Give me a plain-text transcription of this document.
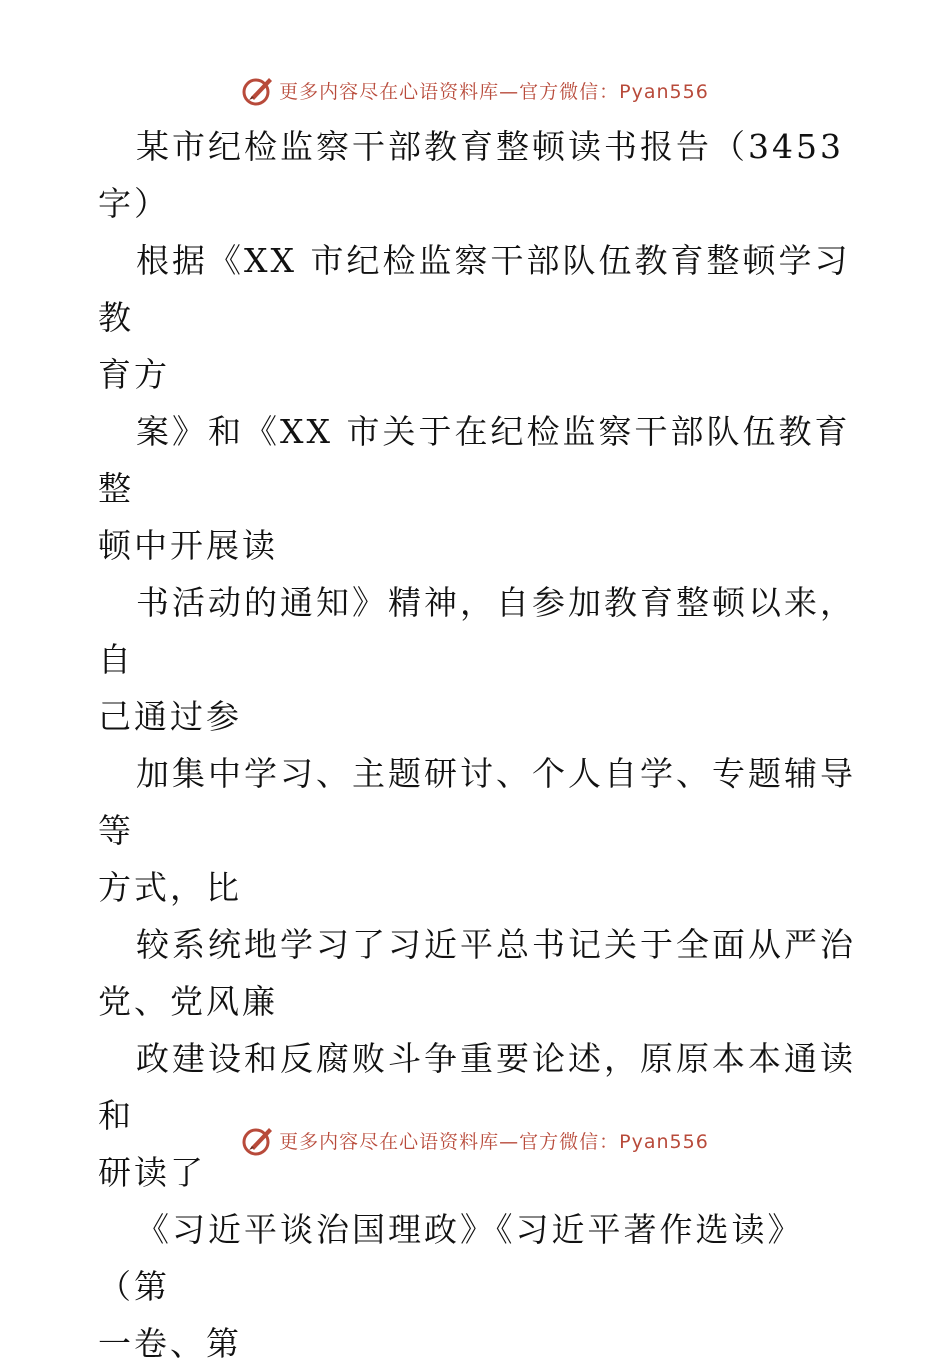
更多内容尽在心语资料库—官方微信：Pyan556

某市纪检监察干部教育整顿读书报告（3453
字）

根据《XX 市纪检监察干部队伍教育整顿学习教
育方

案》和《XX 市关于在纪检监察干部队伍教育整
顿中开展读

书活动的通知》精神，自参加教育整顿以来，自
己通过参

加集中学习、主题研讨、个人自学、专题辅导等
方式，比

较系统地学习了习近平总书记关于全面从严治
党、党风廉

政建设和反腐败斗争重要论述，原原本本通读和
研读了

《习近平谈治国理政》《习近平著作选读》（第
一卷、第

更多内容尽在心语资料库—官方微信：Pyan556
